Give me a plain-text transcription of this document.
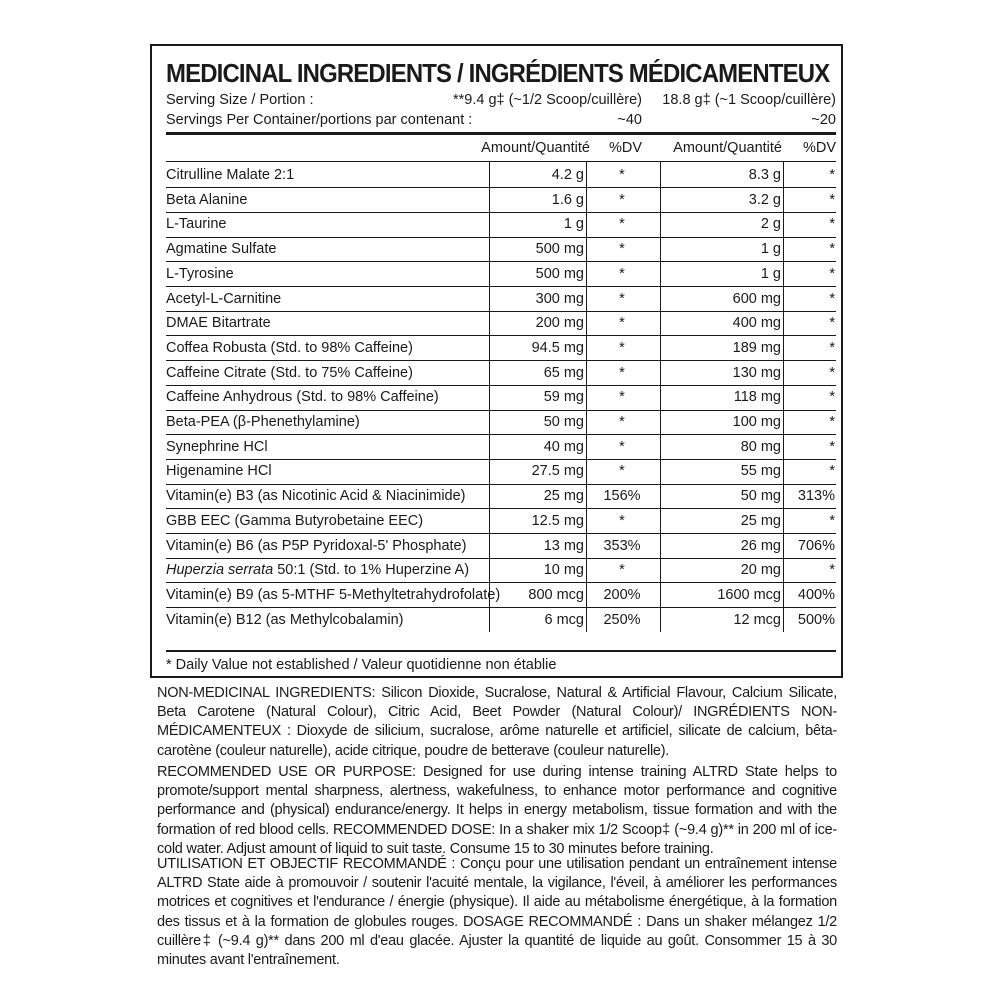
MEDICINAL INGREDIENTS / INGRÉDIENTS MÉDICAMENTEUX
Serving Size / Portion :	**9.4 g‡ (~1/2 Scoop/cuillère) 18.8 g‡ (~1 Scoop/cuillère)
Servings Per Container/portions par contenant :	~40	~20
Amount/Quantité %DV Amount/Quantité %DV
Citrulline Malate 2:1	4.2 g	*	8.3 g	*
Beta Alanine	1.6 g	*	3.2 g	*
L-Taurine	1 g	*	2 g	*
Agmatine Sulfate	500 mg	*	1 g	*
L-Tyrosine	500 mg	*	1 g	*
Acetyl-L-Carnitine	300 mg	*	600 mg	*
DMAE Bitartrate	200 mg	*	400 mg	*
Coffea Robusta (Std. to 98% Caffeine)	94.5 mg	*	189 mg	*
Caffeine Citrate (Std. to 75% Caffeine)	65 mg	*	130 mg	*
Caffeine Anhydrous (Std. to 98% Caffeine)	59 mg	*	118 mg	*
Beta-PEA (β-Phenethylamine)	50 mg	*	100 mg	*
Synephrine HCl	40 mg	*	80 mg	*
Higenamine HCl	27.5 mg	*	55 mg	*
Vitamin(e) B3 (as Nicotinic Acid & Niacinimide)	25 mg	156%	50 mg	313%
GBB EEC (Gamma Butyrobetaine EEC)	12.5 mg	*	25 mg	*
Vitamin(e) B6 (as P5P Pyridoxal-5' Phosphate)	13 mg	353%	26 mg	706%
Huperzia serrata 50:1 (Std. to 1% Huperzine A)	10 mg	*	20 mg	*
Vitamin(e) B9 (as 5-MTHF 5-Methyltetrahydrofolate)	800 mcg	200%	1600 mcg	400%
Vitamin(e) B12 (as Methylcobalamin)	6 mcg	250%	12 mcg	500%
* Daily Value not established / Valeur quotidienne non établie

NON-MEDICINAL INGREDIENTS: Silicon Dioxide, Sucralose, Natural & Artificial Flavour, Calcium Silicate, Beta Carotene (Natural Colour), Citric Acid, Beet Powder (Natural Colour)/ INGRÉDIENTS NON-MÉDICAMENTEUX : Dioxyde de silicium, sucralose, arôme naturelle et artificiel, silicate de calcium, bêta-carotène (couleur naturelle), acide citrique, poudre de betterave (couleur naturelle).

RECOMMENDED USE OR PURPOSE: Designed for use during intense training ALTRD State helps to promote/support mental sharpness, alertness, wakefulness, to enhance motor performance and cognitive performance and (physical) endurance/energy. It helps in energy metabolism, tissue formation and with the formation of red blood cells. RECOMMENDED DOSE: In a shaker mix 1/2 Scoop‡ (~9.4 g)** in 200 ml of ice-cold water. Adjust amount of liquid to suit taste. Consume 15 to 30 minutes before training.

UTILISATION ET OBJECTIF RECOMMANDÉ : Conçu pour une utilisation pendant un entraînement intense ALTRD State aide à promouvoir / soutenir l'acuité mentale, la vigilance, l'éveil, à améliorer les performances motrices et cognitives et l'endurance / énergie (physique). Il aide au métabolisme énergétique, à la formation des tissus et à la formation de globules rouges. DOSAGE RECOMMANDÉ : Dans un shaker mélangez 1/2 cuillère‡ (~9.4 g)** dans 200 ml d'eau glacée. Ajuster la quantité de liquide au goût. Consommer 15 à 30 minutes avant l'entraînement.
